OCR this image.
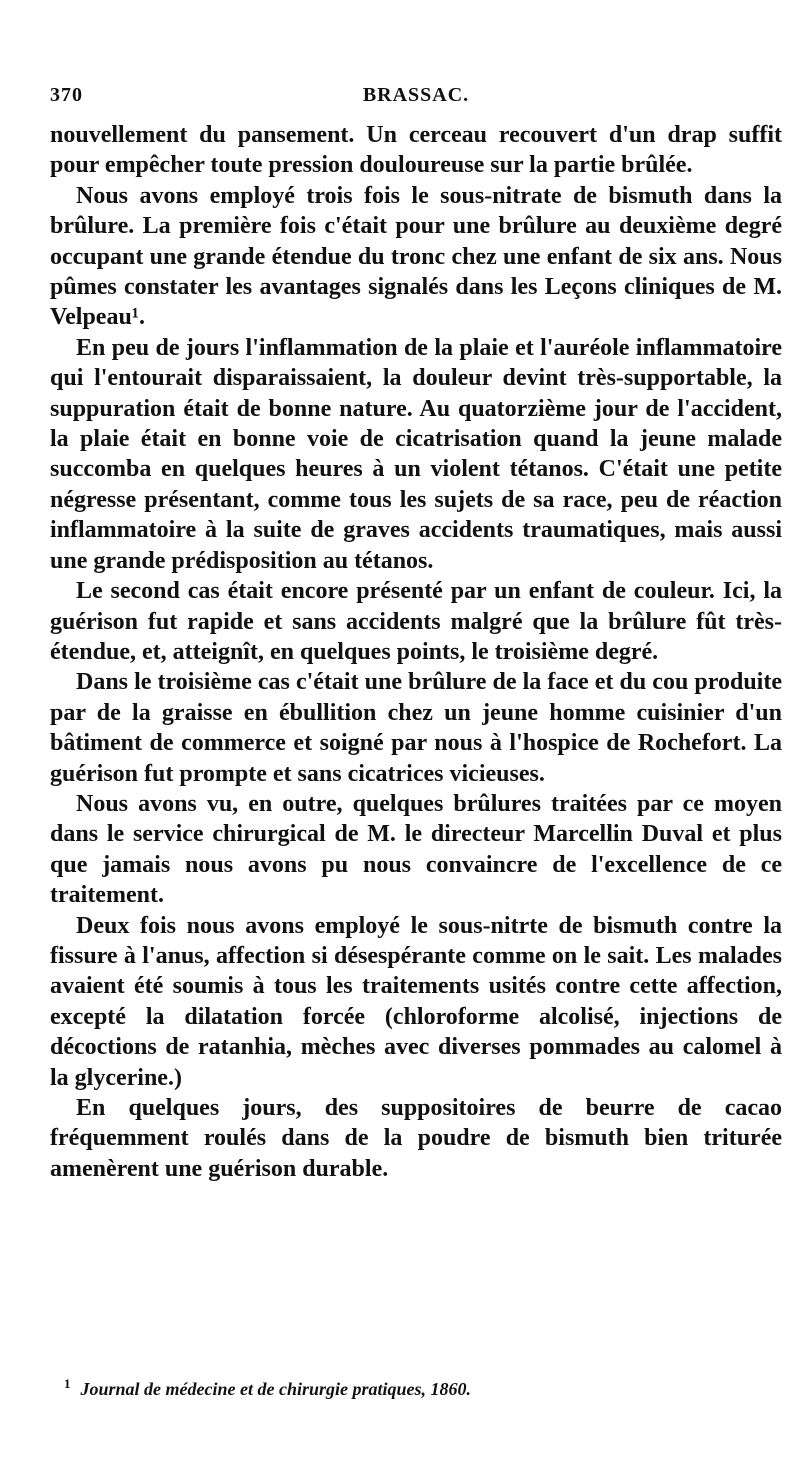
370	BRASSAC.

nouvellement du pansement. Un cerceau recouvert d'un drap suffit pour empêcher toute pression douloureuse sur la partie brûlée.

Nous avons employé trois fois le sous-nitrate de bismuth dans la brûlure. La première fois c'était pour une brûlure au deuxième degré occupant une grande étendue du tronc chez une enfant de six ans. Nous pûmes constater les avantages signalés dans les Leçons cliniques de M. Velpeau¹.

En peu de jours l'inflammation de la plaie et l'auréole inflammatoire qui l'entourait disparaissaient, la douleur devint très-supportable, la suppuration était de bonne nature. Au quatorzième jour de l'accident, la plaie était en bonne voie de cicatrisation quand la jeune malade succomba en quelques heures à un violent tétanos. C'était une petite négresse présentant, comme tous les sujets de sa race, peu de réaction inflammatoire à la suite de graves accidents traumatiques, mais aussi une grande prédisposition au tétanos.

Le second cas était encore présenté par un enfant de couleur. Ici, la guérison fut rapide et sans accidents malgré que la brûlure fût très-étendue, et, atteignît, en quelques points, le troisième degré.

Dans le troisième cas c'était une brûlure de la face et du cou produite par de la graisse en ébullition chez un jeune homme cuisinier d'un bâtiment de commerce et soigné par nous à l'hospice de Rochefort. La guérison fut prompte et sans cicatrices vicieuses.

Nous avons vu, en outre, quelques brûlures traitées par ce moyen dans le service chirurgical de M. le directeur Marcellin Duval et plus que jamais nous avons pu nous convaincre de l'excellence de ce traitement.

Deux fois nous avons employé le sous-nitrte de bismuth contre la fissure à l'anus, affection si désespérante comme on le sait. Les malades avaient été soumis à tous les traitements usités contre cette affection, excepté la dilatation forcée (chloroforme alcolisé, injections de décoctions de ratanhia, mèches avec diverses pommades au calomel à la glycerine.)

En quelques jours, des suppositoires de beurre de cacao fréquemment roulés dans de la poudre de bismuth bien triturée amenèrent une guérison durable.

$^1$ Journal de médecine et de chirurgie pratiques, 1860.
